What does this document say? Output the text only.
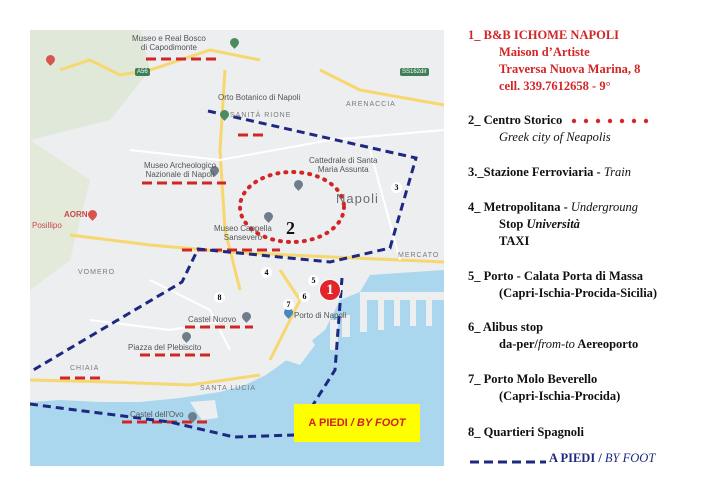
Museo e Real Bosco
di Capodimonte
Orto Botanico di Napoli
ARENACCIA
SANITÀ RIONE
Museo Archeologico
Nazionale di Napoli
Cattedrale di Santa
Maria Assunta
Napoli
Museo Cappella
Sansevero
AORN
Posillipo
VOMERO
MERCATO
Castel Nuovo	Porto di Napoli
Piazza del Plebiscito
CHIAIA
SANTA LUCIA
Castel dell'Ovo
A56	SS162dir
2
3
4
5
6
7
8	1
A PIEDI / BY FOOT
1_ B&B ICHOME NAPOLI
Maison d’Artiste
Traversa Nuova Marina, 8
cell. 339.7612658 - 9°
2_ Centro Storico
Greek city of Neapolis
3._Stazione Ferroviaria - Train
4_ Metropolitana - Undergroung
Stop Università
TAXI
5_ Porto - Calata Porta di Massa
(Capri-Ischia-Procida-Sicilia)
6_ Alibus stop
da-per/from-to Aereoporto
7_ Porto Molo Beverello
(Capri-Ischia-Procida)
8_ Quartieri Spagnoli
A PIEDI / BY FOOT
